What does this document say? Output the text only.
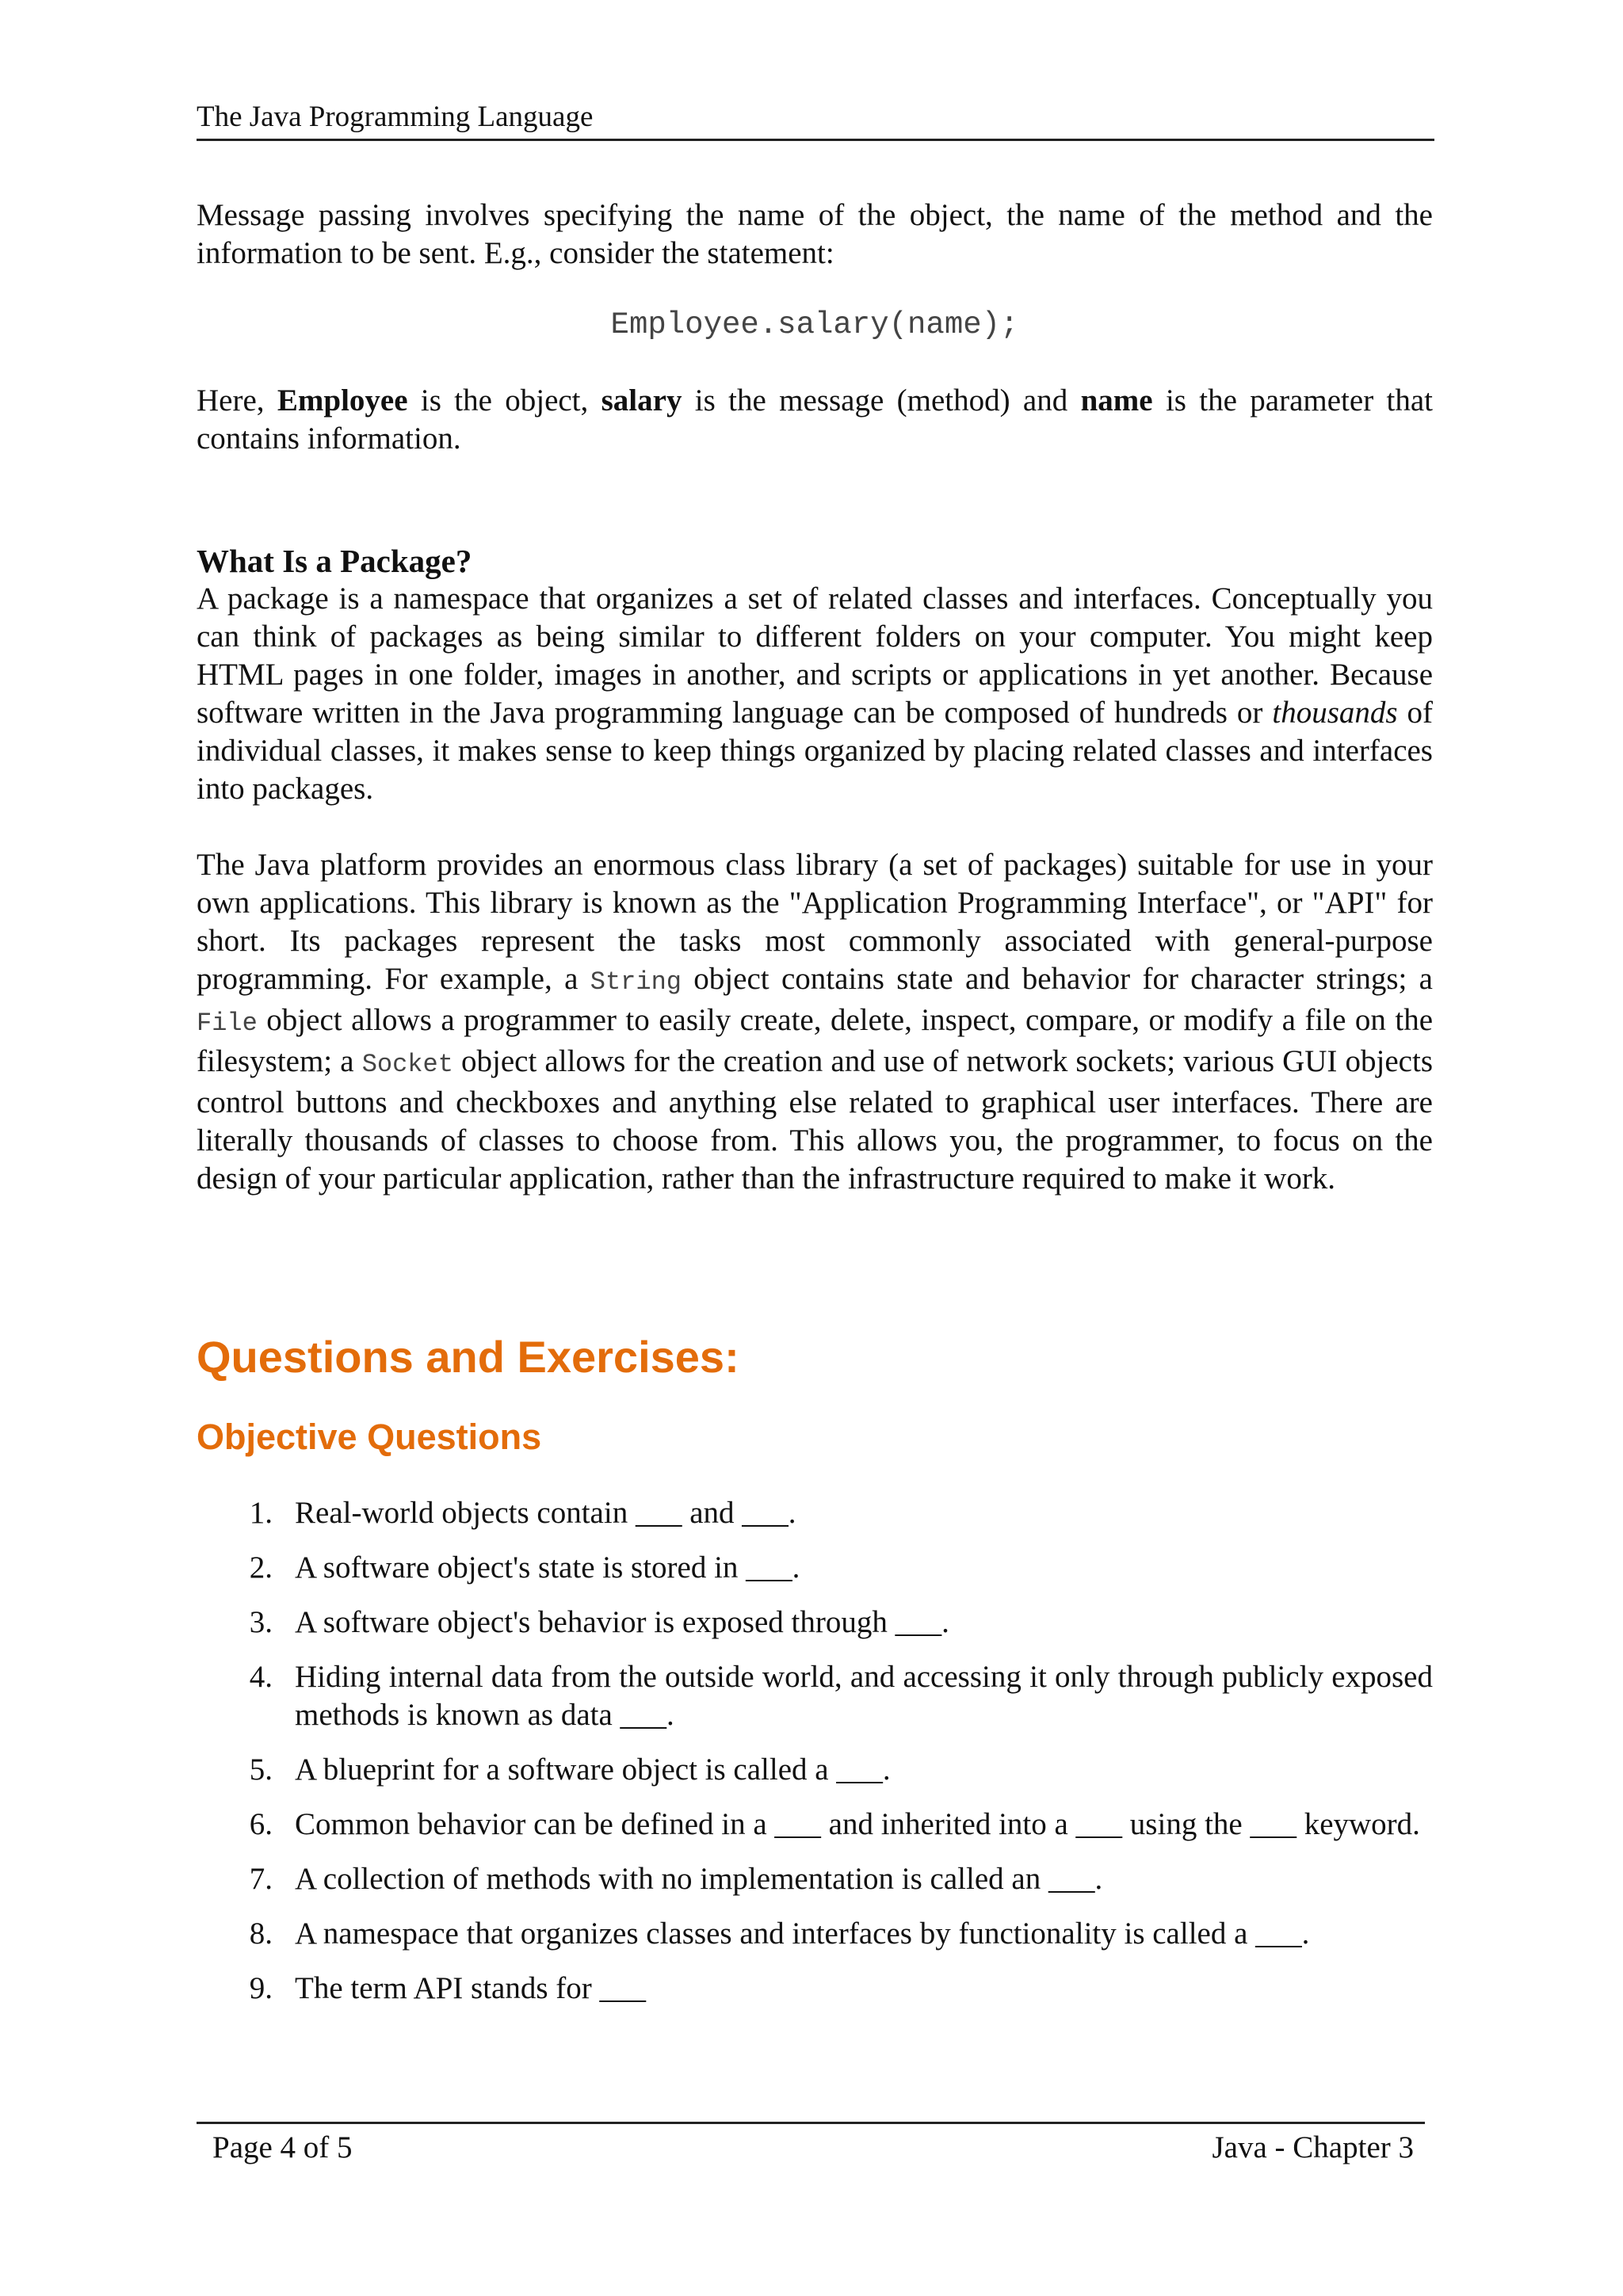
The Java Programming Language

Message passing involves specifying the name of the object, the name of the method and the information to be sent. E.g., consider the statement:

Employee.salary(name);

Here, Employee is the object, salary is the message (method) and name is the parameter that contains information.

What Is a Package?

A package is a namespace that organizes a set of related classes and interfaces. Conceptually you can think of packages as being similar to different folders on your computer. You might keep HTML pages in one folder, images in another, and scripts or applications in yet another. Because software written in the Java programming language can be composed of hundreds or thousands of individual classes, it makes sense to keep things organized by placing related classes and interfaces into packages.

The Java platform provides an enormous class library (a set of packages) suitable for use in your own applications. This library is known as the "Application Programming Interface", or "API" for short. Its packages represent the tasks most commonly associated with general-purpose programming. For example, a String object contains state and behavior for character strings; a File object allows a programmer to easily create, delete, inspect, compare, or modify a file on the filesystem; a Socket object allows for the creation and use of network sockets; various GUI objects control buttons and checkboxes and anything else related to graphical user interfaces. There are literally thousands of classes to choose from. This allows you, the programmer, to focus on the design of your particular application, rather than the infrastructure required to make it work.

Questions and Exercises:
Objective Questions
1. Real-world objects contain ___ and ___.
2. A software object's state is stored in ___.
3. A software object's behavior is exposed through ___.
4. Hiding internal data from the outside world, and accessing it only through publicly exposed methods is known as data ___.
5. A blueprint for a software object is called a ___.
6. Common behavior can be defined in a ___ and inherited into a ___ using the ___ keyword.
7. A collection of methods with no implementation is called an ___.
8. A namespace that organizes classes and interfaces by functionality is called a ___.
9. The term API stands for ___
Page 4 of 5	Java - Chapter 3
